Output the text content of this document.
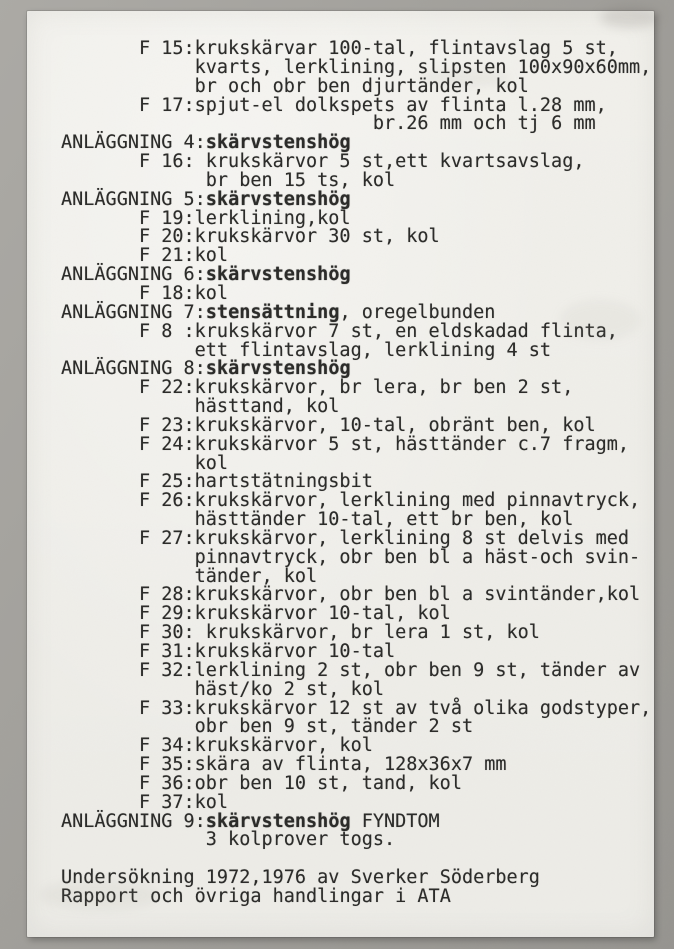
F 15:krukskärvar 100-tal, flintavslag 5 st,
kvarts, lerklining, slipsten 100x90x60mm,
br och obr ben djurtänder, kol
F 17:spjut-el dolkspets av flinta l.28 mm,
br.26 mm och tj 6 mm
ANLÄGGNING 4:skärvstenshög
F 16: krukskärvor 5 st,ett kvartsavslag,
br ben 15 ts, kol
ANLÄGGNING 5:skärvstenshög
F 19:lerklining,kol
F 20:krukskärvor 30 st, kol
F 21:kol
ANLÄGGNING 6:skärvstenshög
F 18:kol
ANLÄGGNING 7:stensättning, oregelbunden
F 8 :krukskärvor 7 st, en eldskadad flinta,
ett flintavslag, lerklining 4 st
ANLÄGGNING 8:skärvstenshög
F 22:krukskärvor, br lera, br ben 2 st,
hästtand, kol
F 23:krukskärvor, 10-tal, obränt ben, kol
F 24:krukskärvor 5 st, hästtänder c.7 fragm,
kol
F 25:hartstätningsbit
F 26:krukskärvor, lerklining med pinnavtryck,
hästtänder 10-tal, ett br ben, kol
F 27:krukskärvor, lerklining 8 st delvis med
pinnavtryck, obr ben bl a häst-och svin-
tänder, kol
F 28:krukskärvor, obr ben bl a svintänder,kol
F 29:krukskärvor 10-tal, kol
F 30: krukskärvor, br lera 1 st, kol
F 31:krukskärvor 10-tal
F 32:lerklining 2 st, obr ben 9 st, tänder av
häst/ko 2 st, kol
F 33:krukskärvor 12 st av två olika godstyper,
obr ben 9 st, tänder 2 st
F 34:krukskärvor, kol
F 35:skära av flinta, 128x36x7 mm
F 36:obr ben 10 st, tand, kol
F 37:kol
ANLÄGGNING 9:skärvstenshög FYNDTOM
3 kolprover togs.

Undersökning 1972,1976 av Sverker Söderberg
Rapport och övriga handlingar i ATA
